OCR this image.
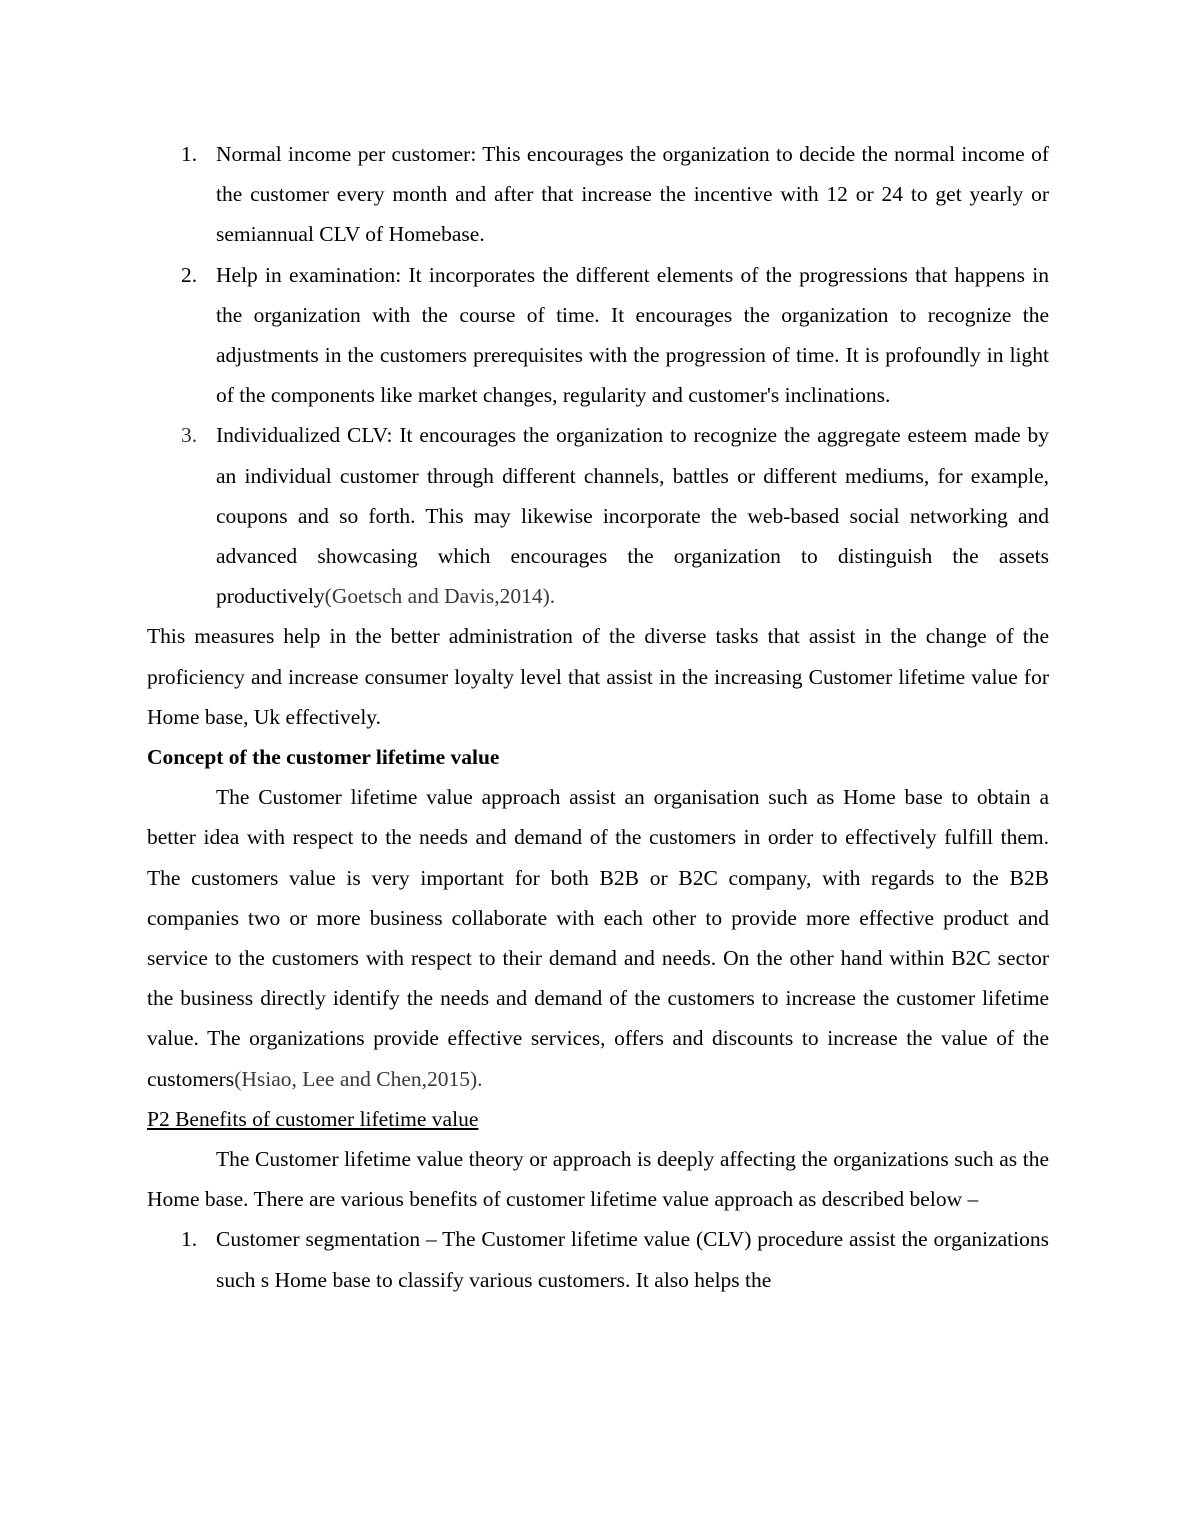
1. Normal income per customer: This encourages the organization to decide the normal income of the customer every month and after that increase the incentive with 12 or 24 to get yearly or semiannual CLV of Homebase.
2. Help in examination: It incorporates the different elements of the progressions that happens in the organization with the course of time. It encourages the organization to recognize the adjustments in the customers prerequisites with the progression of time. It is profoundly in light of the components like market changes, regularity and customer's inclinations.
3. Individualized CLV: It encourages the organization to recognize the aggregate esteem made by an individual customer through different channels, battles or different mediums, for example, coupons and so forth. This may likewise incorporate the web-based social networking and advanced showcasing which encourages the organization to distinguish the assets productively(Goetsch and Davis,2014).

This measures help in the better administration of the diverse tasks that assist in the change of the proficiency and increase consumer loyalty level that assist in the increasing Customer lifetime value for Home base, Uk effectively.

Concept of the customer lifetime value

The Customer lifetime value approach assist an organisation such as Home base to obtain a better idea with respect to the needs and demand of the customers in order to effectively fulfill them. The customers value is very important for both B2B or B2C company, with regards to the B2B companies two or more business collaborate with each other to provide more effective product and service to the customers with respect to their demand and needs. On the other hand within B2C sector the business directly identify the needs and demand of the customers to increase the customer lifetime value. The organizations provide effective services, offers and discounts to increase the value of the customers(Hsiao, Lee and Chen,2015).

P2 Benefits of customer lifetime value

The Customer lifetime value theory or approach is deeply affecting the organizations such as the Home base. There are various benefits of customer lifetime value approach as described below –

1. Customer segmentation – The Customer lifetime value (CLV) procedure assist the organizations such s Home base to classify various customers. It also helps the
